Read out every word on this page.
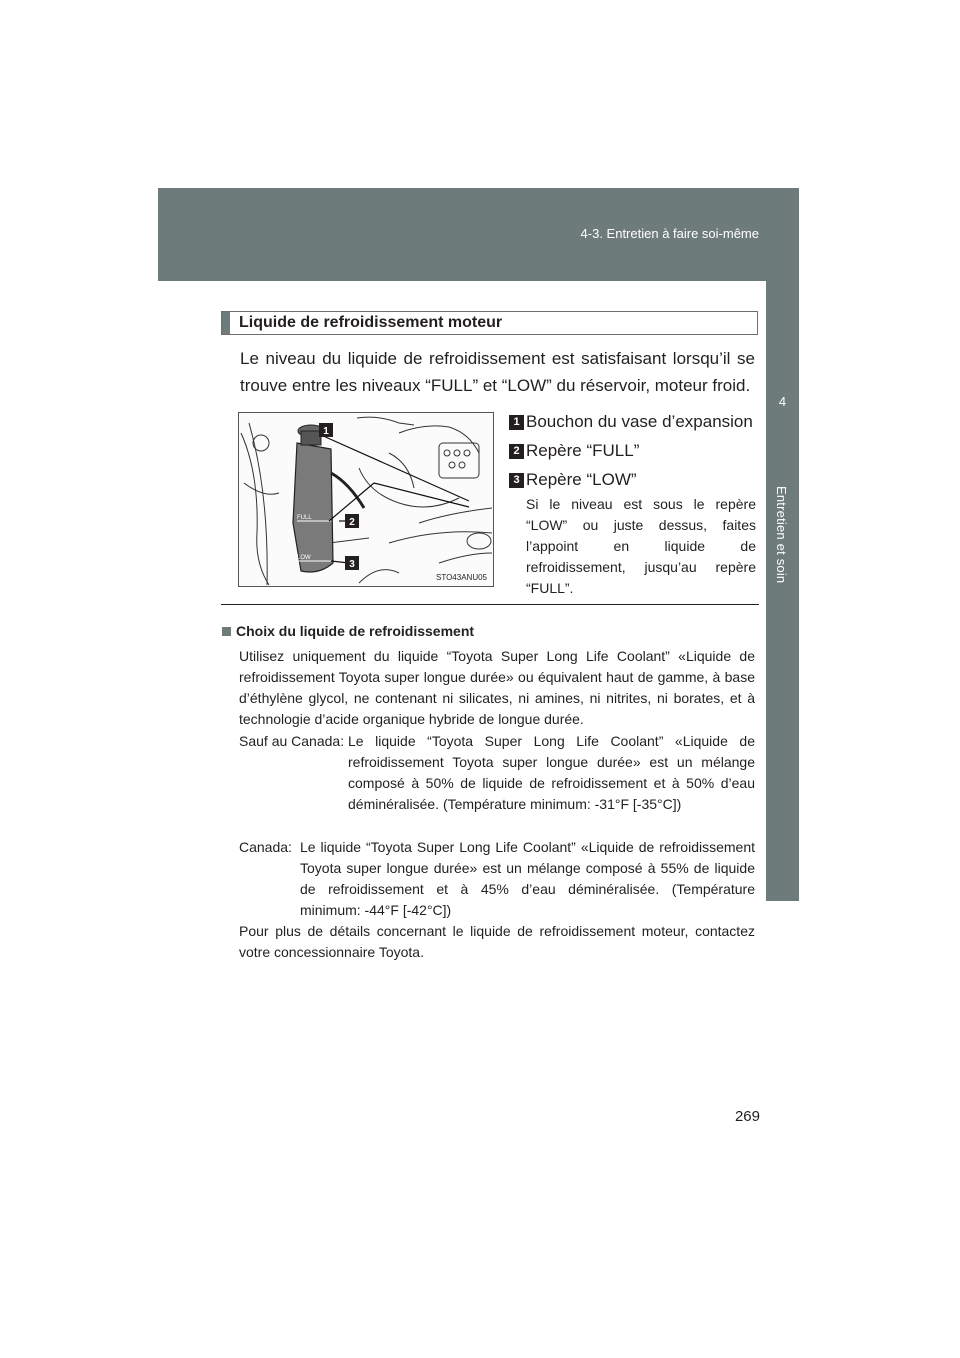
4-3. Entretien à faire soi-même
4
Entretien et soin
Liquide de refroidissement moteur
Le niveau du liquide de refroidissement est satisfaisant lorsqu’il se trouve entre les niveaux “FULL” et “LOW” du réservoir, moteur froid.
FULL
LOW
1
2
3
STO43ANU05
1 Bouchon du vase d’expansion
2 Repère “FULL”
3 Repère “LOW”
Si le niveau est sous le repère “LOW” ou juste dessus, faites l’appoint en liquide de refroidissement, jusqu’au repère “FULL”.
Choix du liquide de refroidissement
Utilisez uniquement du liquide “Toyota Super Long Life Coolant” «Liquide de refroidissement Toyota super longue durée» ou équivalent haut de gamme, à base d’éthylène glycol, ne contenant ni silicates, ni amines, ni nitrites, ni borates, et à technologie d’acide organique hybride de longue durée.
Sauf au Canada: Le liquide “Toyota Super Long Life Coolant” «Liquide de refroidissement Toyota super longue durée» est un mélange composé à 50% de liquide de refroidissement et à 50% d’eau déminéralisée. (Température minimum: -31°F [-35°C])
Canada: Le liquide “Toyota Super Long Life Coolant” «Liquide de refroidissement Toyota super longue durée» est un mélange composé à 55% de liquide de refroidissement et à 45% d’eau déminéralisée. (Température minimum: -44°F [-42°C])
Pour plus de détails concernant le liquide de refroidissement moteur, contactez votre concessionnaire Toyota.
269
